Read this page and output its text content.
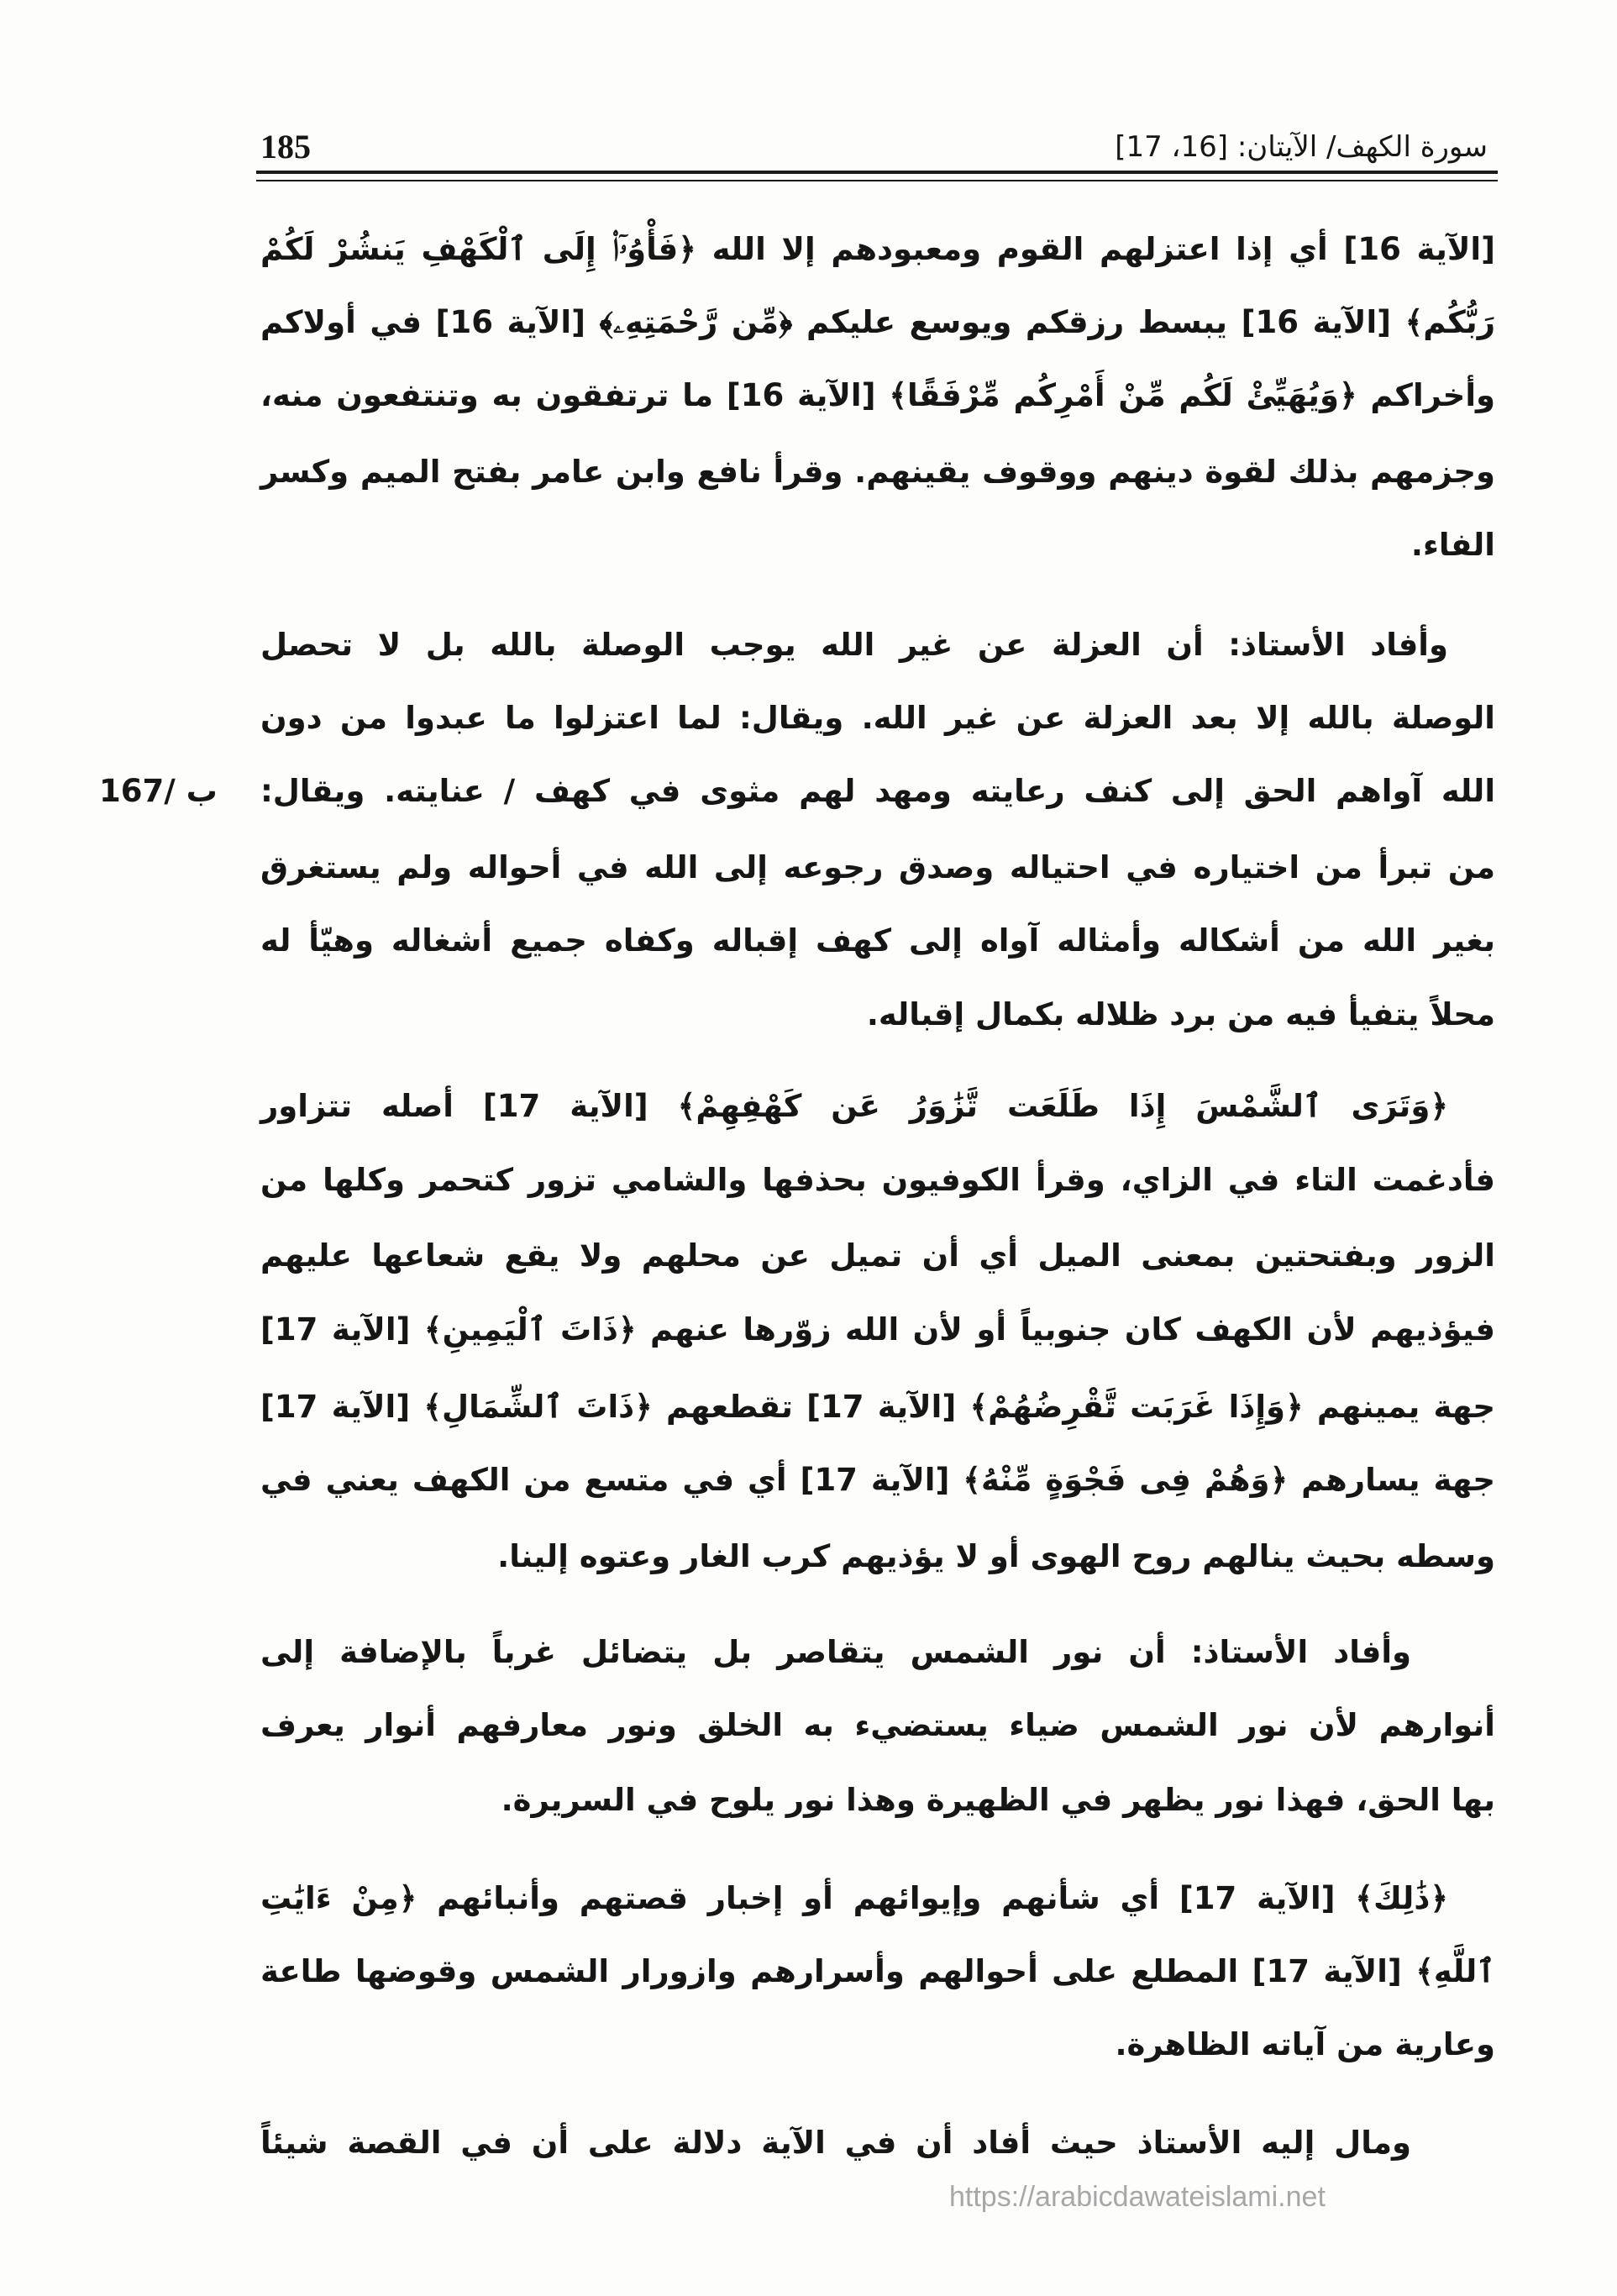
185	سورة الكهف/ الآيتان: [16، 17]
[الآية 16] أي إذا اعتزلهم القوم ومعبودهم إلا الله ﴿فَأْوُۥٓا۟ إِلَى ٱلْكَهْفِ يَنشُرْ لَكُمْ
رَبُّكُم﴾ [الآية 16] يبسط رزقكم ويوسع عليكم ﴿مِّن رَّحْمَتِهِۦ﴾ [الآية 16] في أولاكم
وأخراكم ﴿وَيُهَيِّئْ لَكُم مِّنْ أَمْرِكُم مِّرْفَقًا﴾ [الآية 16] ما ترتفقون به وتنتفعون منه،
وجزمهم بذلك لقوة دينهم ووقوف يقينهم. وقرأ نافع وابن عامر بفتح الميم وكسر
الفاء.
وأفاد الأستاذ: أن العزلة عن غير الله يوجب الوصلة بالله بل لا تحصل
الوصلة بالله إلا بعد العزلة عن غير الله. ويقال: لما اعتزلوا ما عبدوا من دون
الله آواهم الحق إلى كنف رعايته ومهد لهم مثوى في كهف / عنايته. ويقال:
من تبرأ من اختياره في احتياله وصدق رجوعه إلى الله في أحواله ولم يستغرق
بغير الله من أشكاله وأمثاله آواه إلى كهف إقباله وكفاه جميع أشغاله وهيّأ له
محلاً يتفيأ فيه من برد ظلاله بكمال إقباله.
167/ ب
﴿وَتَرَى ٱلشَّمْسَ إِذَا طَلَعَت تَّزَٰوَرُ عَن كَهْفِهِمْ﴾ [الآية 17] أصله تتزاور
فأدغمت التاء في الزاي، وقرأ الكوفيون بحذفها والشامي تزور كتحمر وكلها من
الزور وبفتحتين بمعنى الميل أي أن تميل عن محلهم ولا يقع شعاعها عليهم
فيؤذيهم لأن الكهف كان جنوبياً أو لأن الله زوّرها عنهم ﴿ذَاتَ ٱلْيَمِينِ﴾ [الآية 17]
جهة يمينهم ﴿وَإِذَا غَرَبَت تَّقْرِضُهُمْ﴾ [الآية 17] تقطعهم ﴿ذَاتَ ٱلشِّمَالِ﴾ [الآية 17]
جهة يسارهم ﴿وَهُمْ فِى فَجْوَةٍ مِّنْهُ﴾ [الآية 17] أي في متسع من الكهف يعني في
وسطه بحيث ينالهم روح الهوى أو لا يؤذيهم كرب الغار وعتوه إلينا.
وأفاد الأستاذ: أن نور الشمس يتقاصر بل يتضائل غرباً بالإضافة إلى
أنوارهم لأن نور الشمس ضياء يستضيء به الخلق ونور معارفهم أنوار يعرف
بها الحق، فهذا نور يظهر في الظهيرة وهذا نور يلوح في السريرة.
﴿ذَٰلِكَ﴾ [الآية 17] أي شأنهم وإيوائهم أو إخبار قصتهم وأنبائهم ﴿مِنْ ءَايَٰتِ
ٱللَّهِ﴾ [الآية 17] المطلع على أحوالهم وأسرارهم وازورار الشمس وقوضها طاعة
وعارية من آياته الظاهرة.
ومال إليه الأستاذ حيث أفاد أن في الآية دلالة على أن في القصة شيئاً
https://arabicdawateislami.net
